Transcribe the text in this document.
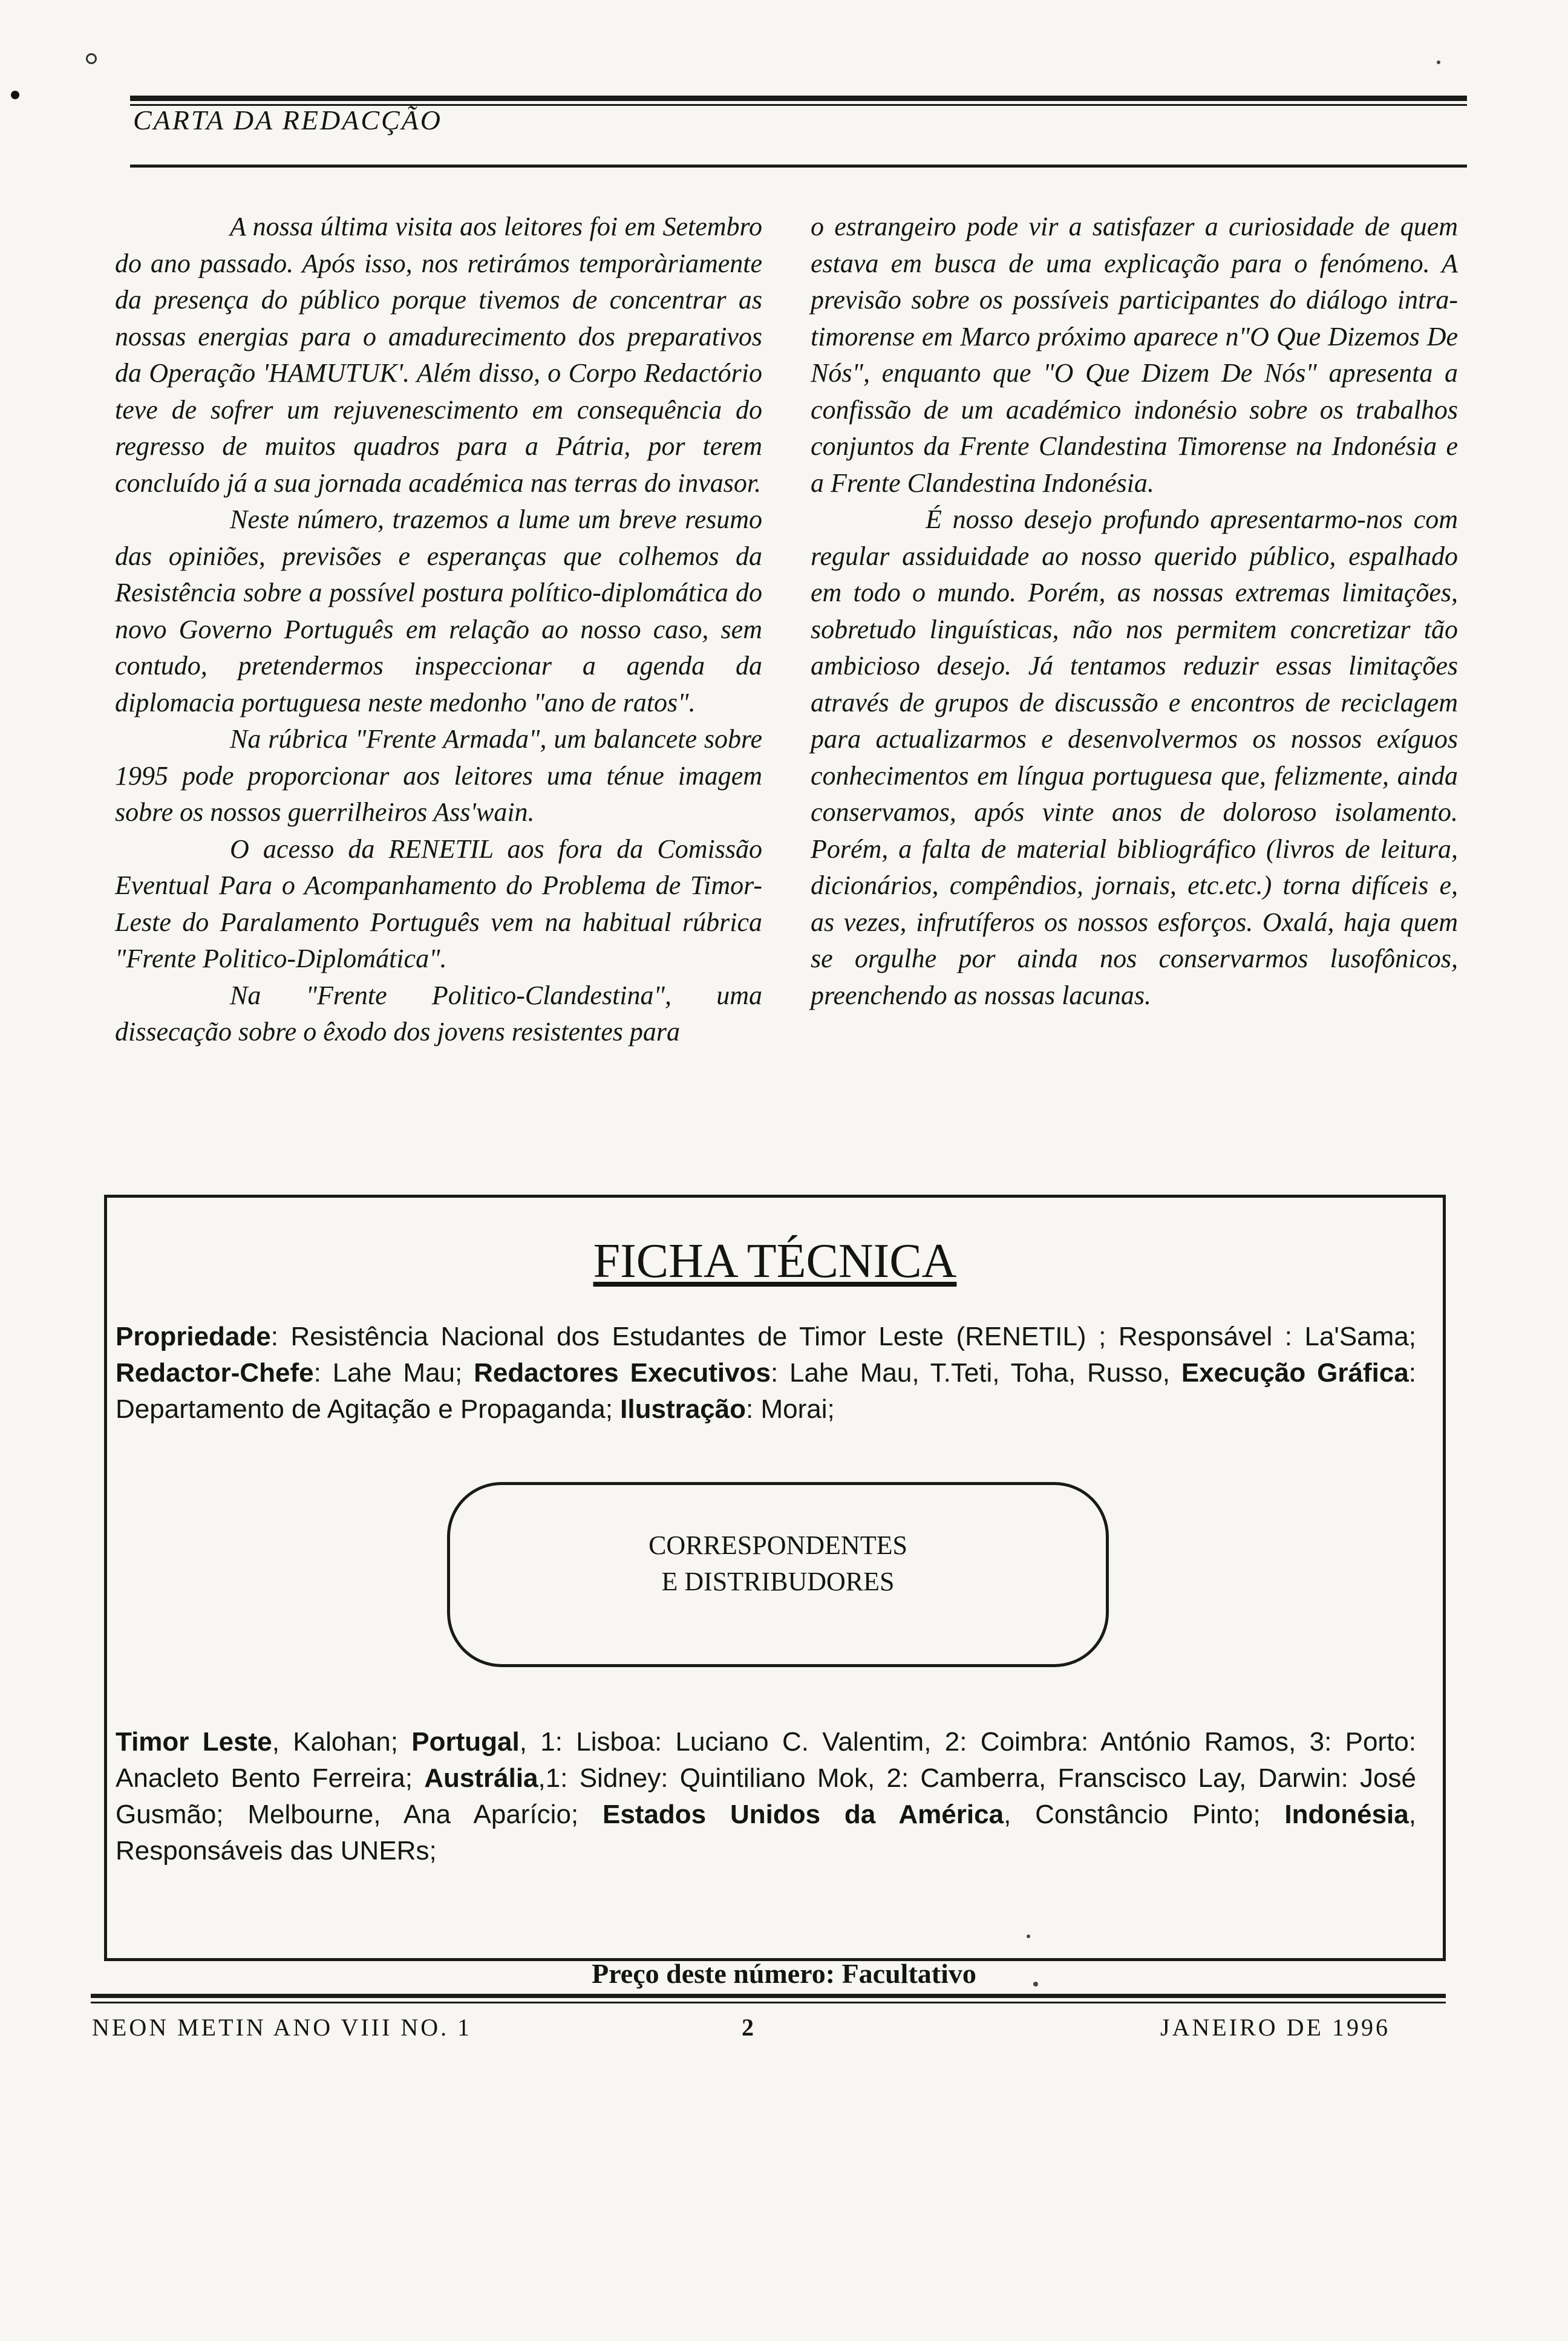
CARTA DA REDACÇÃO

A nossa última visita aos leitores foi em Setembro do ano passado. Após isso, nos retirámos temporàriamente da presença do público porque tivemos de concentrar as nossas energias para o amadurecimento dos preparativos da Operação 'HAMUTUK'. Além disso, o Corpo Redactório teve de sofrer um rejuvenescimento em consequência do regresso de muitos quadros para a Pátria, por terem concluído já a sua jornada académica nas terras do invasor.

Neste número, trazemos a lume um breve resumo das opiniões, previsões e esperanças que colhemos da Resistência sobre a possível postura político-diplomática do novo Governo Português em relação ao nosso caso, sem contudo, pretendermos inspeccionar a agenda da diplomacia portuguesa neste medonho "ano de ratos".

Na rúbrica "Frente Armada", um balancete sobre 1995 pode proporcionar aos leitores uma ténue imagem sobre os nossos guerrilheiros Ass'wain.

O acesso da RENETIL aos fora da Comissão Eventual Para o Acompanhamento do Problema de Timor-Leste do Paralamento Português vem na habitual rúbrica "Frente Politico-Diplomática".

Na "Frente Politico-Clandestina", uma dissecação sobre o êxodo dos jovens resistentes para

o estrangeiro pode vir a satisfazer a curiosidade de quem estava em busca de uma explicação para o fenómeno. A previsão sobre os possíveis participantes do diálogo intra-timorense em Marco próximo aparece n"O Que Dizemos De Nós", enquanto que "O Que Dizem De Nós" apresenta a confissão de um académico indonésio sobre os trabalhos conjuntos da Frente Clandestina Timorense na Indonésia e a Frente Clandestina Indonésia.

É nosso desejo profundo apresentarmo-nos com regular assiduidade ao nosso querido público, espalhado em todo o mundo. Porém, as nossas extremas limitações, sobretudo linguísticas, não nos permitem concretizar tão ambicioso desejo. Já tentamos reduzir essas limitações através de grupos de discussão e encontros de reciclagem para actualizarmos e desenvolvermos os nossos exíguos conhecimentos em língua portuguesa que, felizmente, ainda conservamos, após vinte anos de doloroso isolamento. Porém, a falta de material bibliográfico (livros de leitura, dicionários, compêndios, jornais, etc.etc.) torna difíceis e, as vezes, infrutíferos os nossos esforços. Oxalá, haja quem se orgulhe por ainda nos conservarmos lusofônicos, preenchendo as nossas lacunas.

FICHA TÉCNICA
Propriedade: Resistência Nacional dos Estudantes de Timor Leste (RENETIL) ; Responsável : La'Sama; Redactor-Chefe: Lahe Mau; Redactores Executivos: Lahe Mau, T.Teti, Toha, Russo, Execução Gráfica: Departamento de Agitação e Propaganda; Ilustração: Morai;
CORRESPONDENTES
E DISTRIBUDORES
Timor Leste, Kalohan; Portugal, 1: Lisboa: Luciano C. Valentim, 2: Coimbra: António Ramos, 3: Porto: Anacleto Bento Ferreira; Austrália,1: Sidney: Quintiliano Mok, 2: Camberra, Franscisco Lay, Darwin: José Gusmão; Melbourne, Ana Aparício; Estados Unidos da América, Constâncio Pinto; Indonésia, Responsáveis das UNERs;
Preço deste número: Facultativo
NEON METIN ANO VIII NO. 1	2	JANEIRO DE 1996
